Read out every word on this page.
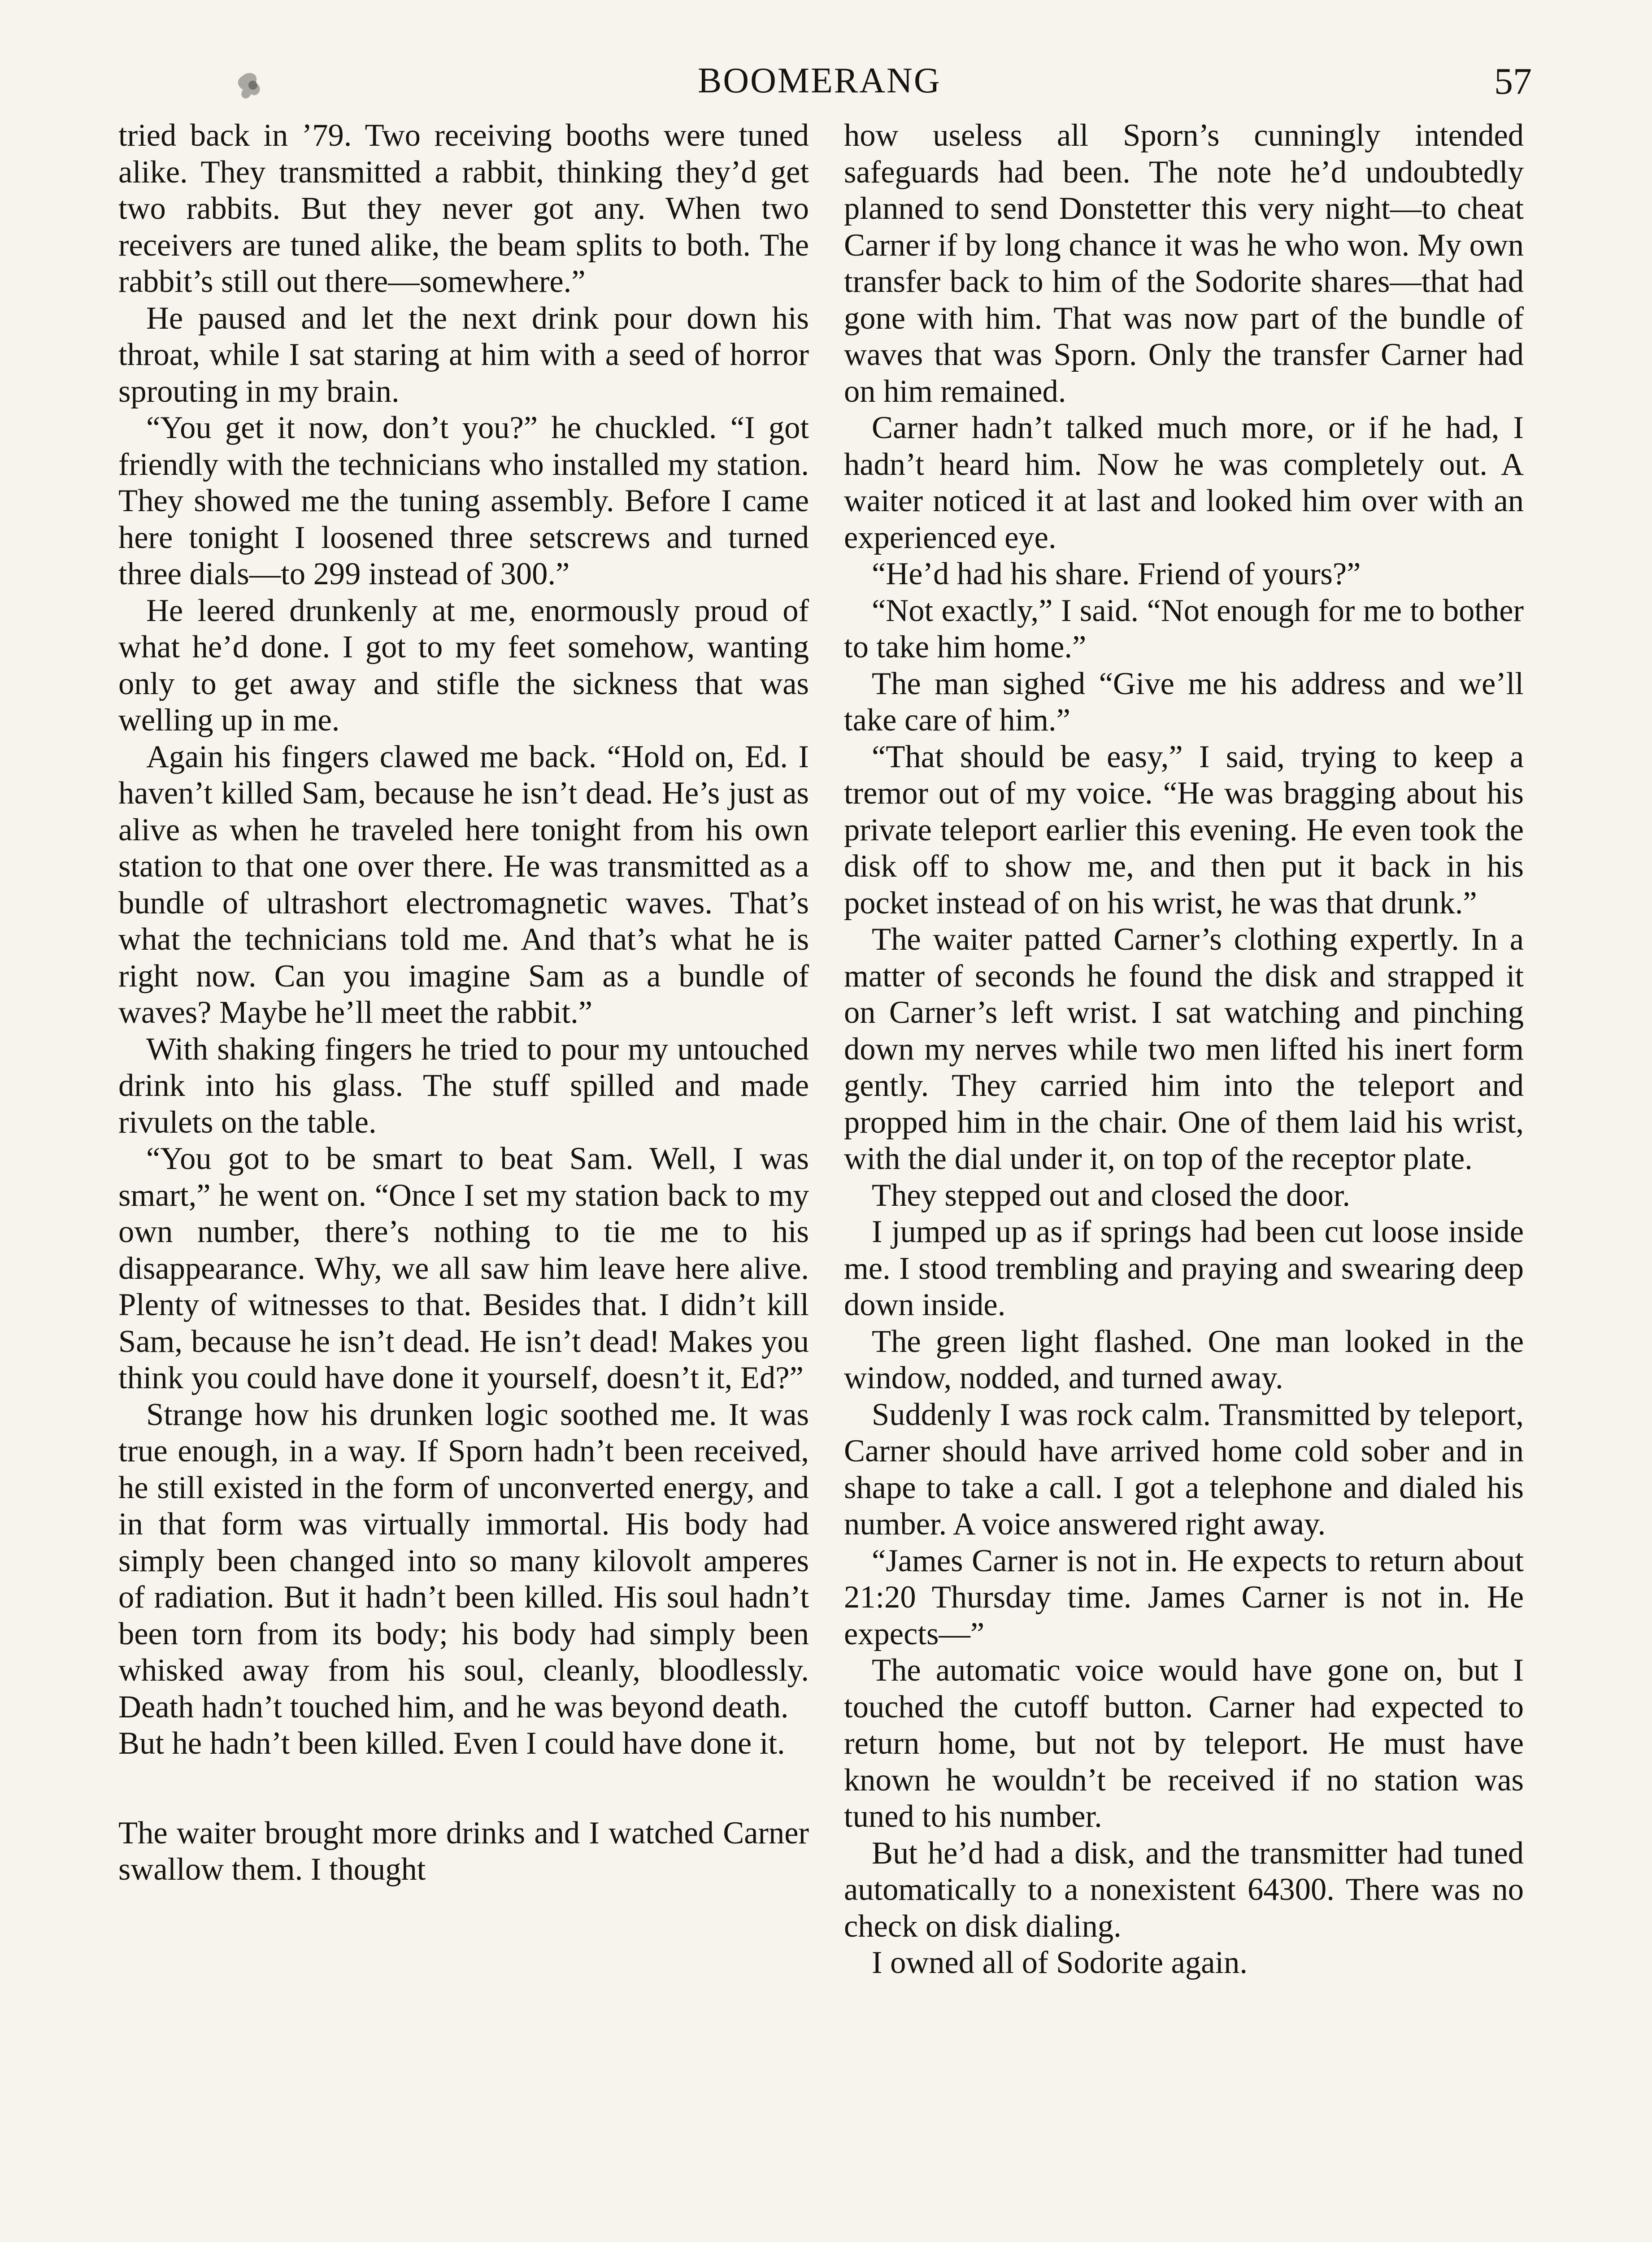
BOOMERANG	57

tried back in ’79. Two receiving booths were tuned alike. They transmitted a rabbit, thinking they’d get two rabbits. But they never got any. When two receivers are tuned alike, the beam splits to both. The rabbit’s still out there—somewhere.”

He paused and let the next drink pour down his throat, while I sat staring at him with a seed of horror sprouting in my brain.

“You get it now, don’t you?” he chuckled. “I got friendly with the technicians who installed my station. They showed me the tuning assembly. Before I came here tonight I loosened three setscrews and turned three dials—to 299 instead of 300.”

He leered drunkenly at me, enormously proud of what he’d done. I got to my feet somehow, wanting only to get away and stifle the sickness that was welling up in me.

Again his fingers clawed me back. “Hold on, Ed. I haven’t killed Sam, because he isn’t dead. He’s just as alive as when he traveled here tonight from his own station to that one over there. He was transmitted as a bundle of ultrashort electromagnetic waves. That’s what the technicians told me. And that’s what he is right now. Can you imagine Sam as a bundle of waves? Maybe he’ll meet the rabbit.”

With shaking fingers he tried to pour my untouched drink into his glass. The stuff spilled and made rivulets on the table.

“You got to be smart to beat Sam. Well, I was smart,” he went on. “Once I set my station back to my own number, there’s nothing to tie me to his disappearance. Why, we all saw him leave here alive. Plenty of witnesses to that. Besides that. I didn’t kill Sam, because he isn’t dead. He isn’t dead! Makes you think you could have done it yourself, doesn’t it, Ed?”

Strange how his drunken logic soothed me. It was true enough, in a way. If Sporn hadn’t been received, he still existed in the form of unconverted energy, and in that form was virtually immortal. His body had simply been changed into so many kilovolt amperes of radiation. But it hadn’t been killed. His soul hadn’t been torn from its body; his body had simply been whisked away from his soul, cleanly, bloodlessly. Death hadn’t touched him, and he was beyond death.

But he hadn’t been killed. Even I could have done it.

The waiter brought more drinks and I watched Carner swallow them. I thought

how useless all Sporn’s cunningly intended safeguards had been. The note he’d undoubtedly planned to send Donstetter this very night—to cheat Carner if by long chance it was he who won. My own transfer back to him of the Sodorite shares—that had gone with him. That was now part of the bundle of waves that was Sporn. Only the transfer Carner had on him remained.

Carner hadn’t talked much more, or if he had, I hadn’t heard him. Now he was completely out. A waiter noticed it at last and looked him over with an experienced eye.

“He’d had his share. Friend of yours?”

“Not exactly,” I said. “Not enough for me to bother to take him home.”

The man sighed “Give me his address and we’ll take care of him.”

“That should be easy,” I said, trying to keep a tremor out of my voice. “He was bragging about his private teleport earlier this evening. He even took the disk off to show me, and then put it back in his pocket instead of on his wrist, he was that drunk.”

The waiter patted Carner’s clothing expertly. In a matter of seconds he found the disk and strapped it on Carner’s left wrist. I sat watching and pinching down my nerves while two men lifted his inert form gently. They carried him into the teleport and propped him in the chair. One of them laid his wrist, with the dial under it, on top of the receptor plate.

They stepped out and closed the door.

I jumped up as if springs had been cut loose inside me. I stood trembling and praying and swearing deep down inside.

The green light flashed. One man looked in the window, nodded, and turned away.

Suddenly I was rock calm. Transmitted by teleport, Carner should have arrived home cold sober and in shape to take a call. I got a telephone and dialed his number. A voice answered right away.

“James Carner is not in. He expects to return about 21:20 Thursday time. James Carner is not in. He expects—”

The automatic voice would have gone on, but I touched the cutoff button. Carner had expected to return home, but not by teleport. He must have known he wouldn’t be received if no station was tuned to his number.

But he’d had a disk, and the transmitter had tuned automatically to a nonexistent 64300. There was no check on disk dialing.

I owned all of Sodorite again.
